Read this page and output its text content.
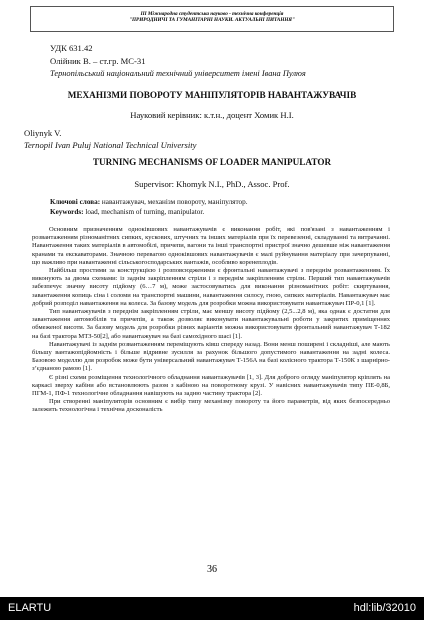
III Міжнародна студентська науково - технічна конференція
"ПРИРОДНИЧІ ТА ГУМАНІТАРНІ НАУКИ. АКТУАЛЬНІ ПИТАННЯ"
УДК 631.42
Олійник В. – ст.гр. МС-31
Тернопільський національний технічний університет імені Івана Пулюя
МЕХАНІЗМИ ПОВОРОТУ МАНІПУЛЯТОРІВ НАВАНТАЖУВАЧІВ
Науковий керівник: к.т.н., доцент Хомик Н.І.
Oliynyk V.
Ternopil Ivan Puluj National Technical University
TURNING MECHANISMS OF LOADER MANIPULATOR
Supervisor: Khomyk N.I., PhD., Assoc. Prof.
Ключові слова: навантажувач, механізм повороту, маніпулятор.
Keywords: load, mechanism of turning, manipulator.

Основним призначенням одноківшових навантажувачів є виконання робіт, які пов'язані з навантаженням і розвантаженням різноманітних сипких, кускових, штучних та інших матеріалів при їх перевезенні, складуванні та витрачанні. Навантаження таких матеріалів в автомобілі, причепи, вагони та інші транспортні пристрої значно дешевше ніж навантаження кранами та екскаваторами. Значною перевагою одноківшових навантажувачів є малі руйнування матеріалу при зачерпуванні, що важливо при навантаженні сільськогосподарських вантажів, особливо коренеплодів.

Найбільш простими за конструкцією і розповсюдженими є фронтальні навантажувачі з переднім розвантаженням. Їх виконують за двома схемами: із заднім закріпленням стріли і з переднім закріпленням стріли. Перший тип навантажувачів забезпечує значну висоту підйому (6…7 м), може застосовуватись для виконання різноманітних робіт: скиртування, завантаження копиць сіна і соломи на транспортні машини, навантаження силосу, гною, сипких матеріалів. Навантажувач має добрий розподіл навантаження на колеса. За базову модель для розробки можна використовувати навантажувач ПР-0,1 [1].

Тип навантажувачів з переднім закріпленням стріли, має меншу висоту підйому (2,5...2,8 м), яка однак є достатня для завантаження автомобілів та причепів, а також дозволяє виконувати навантажувальні роботи у закритих приміщеннях обмеженої висоти. За базову модель для розробки різних варіантів можна використовувати фронтальний навантажувач Т-182 на базі трактора МТЗ-50[2], або навантажувач на базі самохідного шасі [1].

Навантажувачі із заднім розвантаженням переміщують ківш спереду назад. Вони менш поширені і складніші, але мають більшу вантажопідйомність і більше відривне зусилля за рахунок більшого допустимого навантаження на задні колеса. Базовою моделлю для розробок може бути універсальний навантажувач Т-156А на базі колісного трактора Т-150К з шарнірно-зʼєднаною рамою [1].

Є різні схеми розміщення технологічного обладнання навантажувачів [1, 3]. Для доброго огляду маніпулятор кріплять на каркасі зверху кабіни або встановлюють разом з кабіною на поворотному крузі. У навісних навантажувачів типу ПЕ-0,8Б, ПГМ-1, ПФ-1 технологічне обладнання навішують на задню частину трактора [2].

При створенні маніпуляторів основним є вибір типу механізму повороту та його параметрів, від яких безпосередньо залежить технологічна і технічна досконалість

36
ELARTU	hdl:lib/32010
